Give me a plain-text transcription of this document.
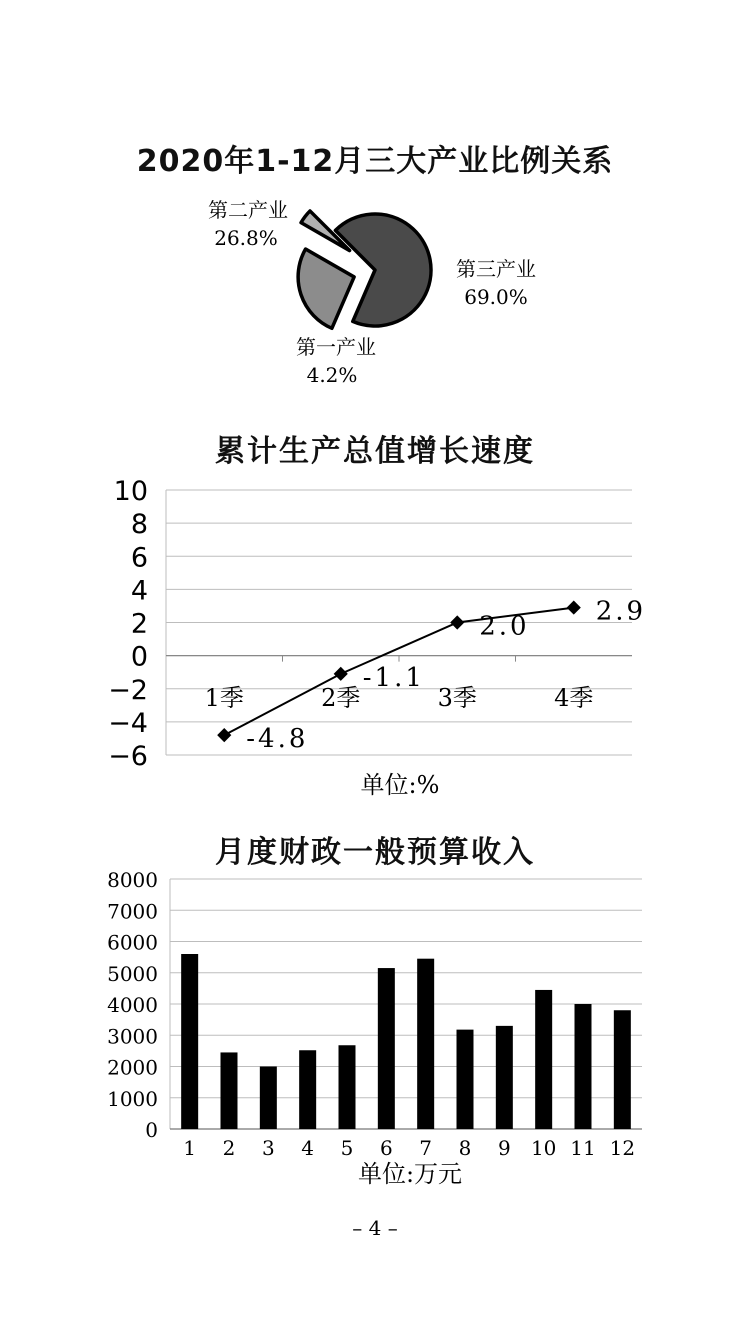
2020年1-12月三大产业比例关系
第二产业
26.8%
第三产业
69.0%
第一产业
4.2%
累计生产总值增长速度
10
8
6
4
2
0
−2
−4
−6
1季	2季	3季	4季
-4.8
-1.1
2.0	2.9
单位:%
月度财政一般预算收入
8000
7000
6000
5000
4000
3000
2000
1000
0
1 2 3 4 5 6 7 8 9 10 11 12
单位:万元
– 4 –
